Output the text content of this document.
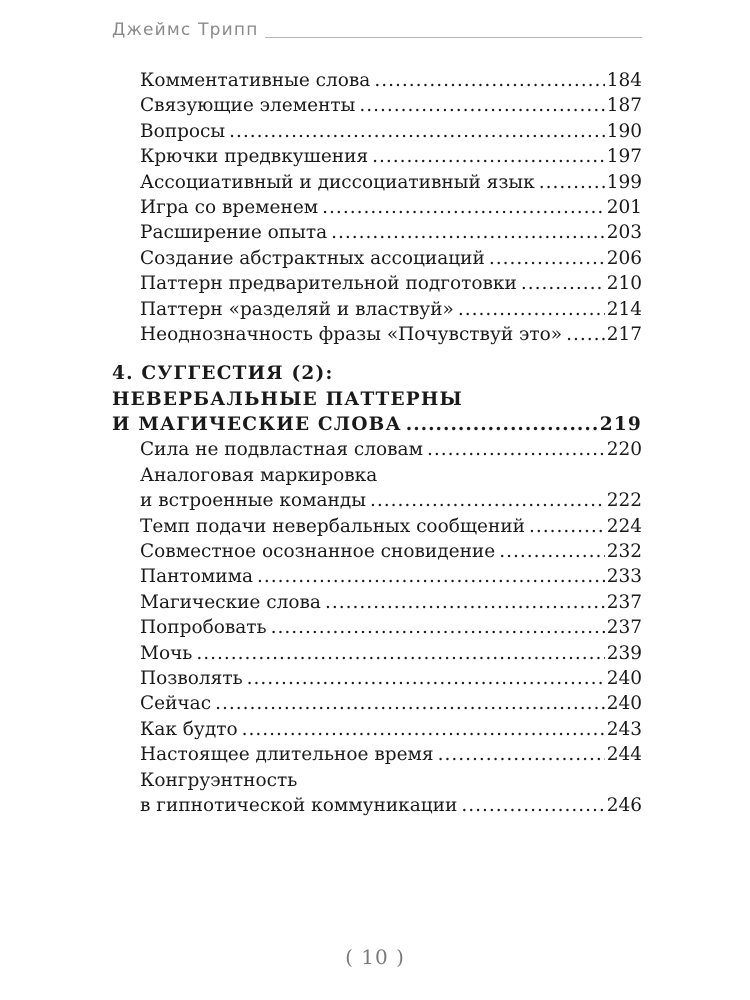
Джеймс Трипп
Комментативные слова .....	184
Связующие элементы .....	187
Вопросы .....	190
Крючки предвкушения .....	197
Ассоциативный и диссоциативный язык .....	199
Игра со временем .....	201
Расширение опыта .....	203
Создание абстрактных ассоциаций .....	206
Паттерн предварительной подготовки .....	210
Паттерн «разделяй и властвуй» .....	214
Неоднозначность фразы «Почувствуй это» ..... 217
4. СУГГЕСТИЯ (2):
НЕВЕРБАЛЬНЫЕ ПАТТЕРНЫ
И МАГИЧЕСКИЕ СЛОВА .....	219
Сила не подвластная словам .....	220
Аналоговая маркировка
и встроенные команды .....	222
Темп подачи невербальных сообщений .....	224
Совместное осознанное сновидение .....	232
Пантомима .....	233
Магические слова .....	237
Попробовать .....	237
Мочь .....	239
Позволять .....	240
Сейчас .....	240
Как будто .....	243
Настоящее длительное время .....	244
Конгруэнтность
в гипнотической коммуникации .....	246
( 10 )
